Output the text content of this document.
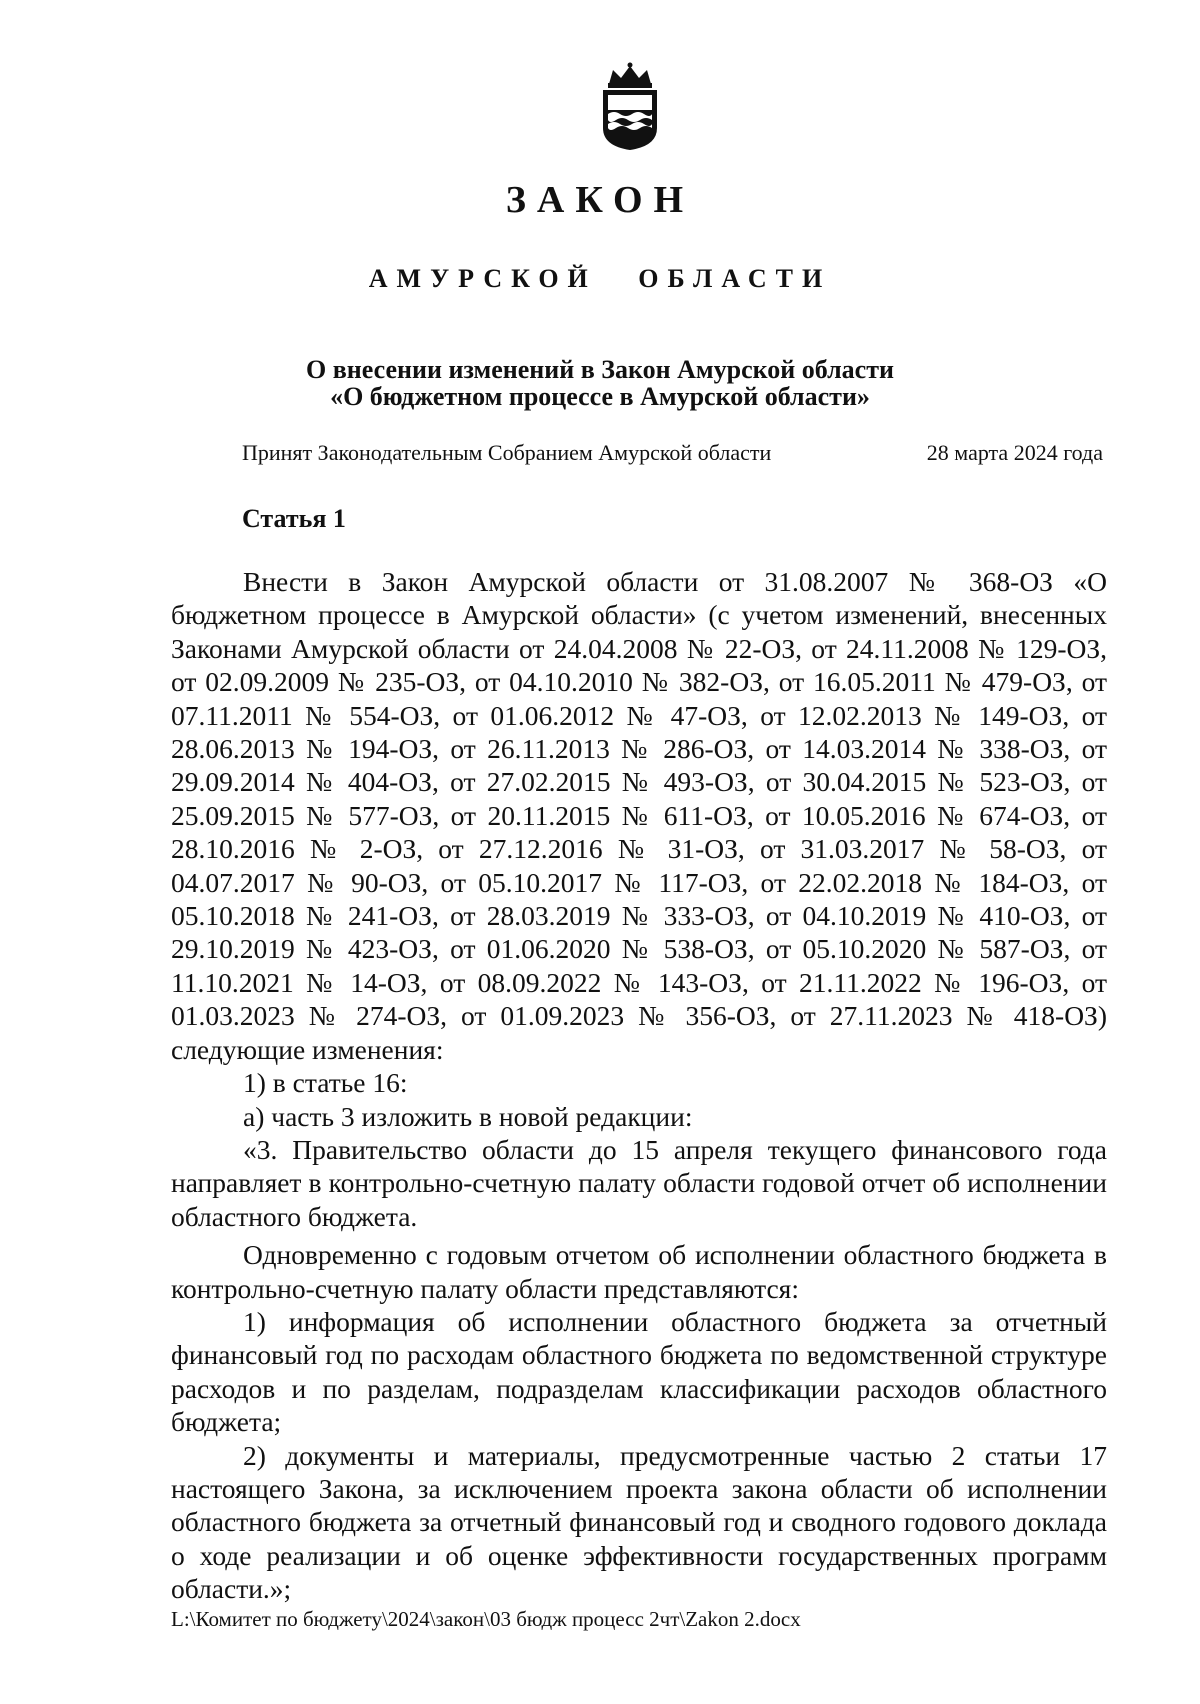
ЗАКОН
АМУРСКОЙ ОБЛАСТИ
О внесении изменений в Закон Амурской области
«О бюджетном процессе в Амурской области»
Принят Законодательным Собранием Амурской области	28 марта 2024 года
Статья 1

Внести в Закон Амурской области от 31.08.2007 № 368-ОЗ «О бюджетном процессе в Амурской области» (с учетом изменений, внесенных Законами Амурской области от 24.04.2008 № 22-ОЗ, от 24.11.2008 № 129-ОЗ, от 02.09.2009 № 235-ОЗ, от 04.10.2010 № 382-ОЗ, от 16.05.2011 № 479-ОЗ, от 07.11.2011 № 554-ОЗ, от 01.06.2012 № 47-ОЗ, от 12.02.2013 № 149-ОЗ, от 28.06.2013 № 194-ОЗ, от 26.11.2013 № 286-ОЗ, от 14.03.2014 № 338-ОЗ, от 29.09.2014 № 404-ОЗ, от 27.02.2015 № 493-ОЗ, от 30.04.2015 № 523-ОЗ, от 25.09.2015 № 577-ОЗ, от 20.11.2015 № 611-ОЗ, от 10.05.2016 № 674-ОЗ, от 28.10.2016 № 2-ОЗ, от 27.12.2016 № 31-ОЗ, от 31.03.2017 № 58-ОЗ, от 04.07.2017 № 90-ОЗ, от 05.10.2017 № 117-ОЗ, от 22.02.2018 № 184-ОЗ, от 05.10.2018 № 241-ОЗ, от 28.03.2019 № 333-ОЗ, от 04.10.2019 № 410-ОЗ, от 29.10.2019 № 423-ОЗ, от 01.06.2020 № 538-ОЗ, от 05.10.2020 № 587-ОЗ, от 11.10.2021 № 14-ОЗ, от 08.09.2022 № 143-ОЗ, от 21.11.2022 № 196-ОЗ, от 01.03.2023 № 274-ОЗ, от 01.09.2023 № 356-ОЗ, от 27.11.2023 № 418-ОЗ) следующие изменения:

1) в статье 16:

а) часть 3 изложить в новой редакции:

«3. Правительство области до 15 апреля текущего финансового года направляет в контрольно-счетную палату области годовой отчет об исполнении областного бюджета.

Одновременно с годовым отчетом об исполнении областного бюджета в контрольно-счетную палату области представляются:

1) информация об исполнении областного бюджета за отчетный финансовый год по расходам областного бюджета по ведомственной структуре расходов и по разделам, подразделам классификации расходов областного бюджета;

2) документы и материалы, предусмотренные частью 2 статьи 17 настоящего Закона, за исключением проекта закона области об исполнении областного бюджета за отчетный финансовый год и сводного годового доклада о ходе реализации и об оценке эффективности государственных программ области.»;

L:\Комитет по бюджету\2024\закон\03 бюдж процесс 2чт\Zakon 2.docx
